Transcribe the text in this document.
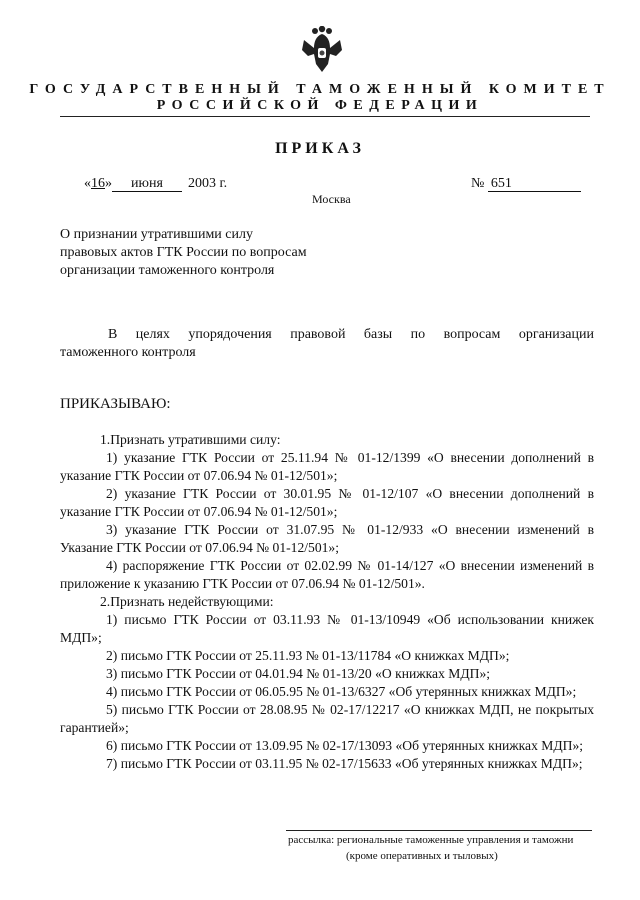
ГОСУДАРСТВЕННЫЙ ТАМОЖЕННЫЙ КОМИТЕТ
РОССИЙСКОЙ ФЕДЕРАЦИИ
ПРИКАЗ
«16» июня 2003 г.	№ 651
Москва
О признании утратившими силу правовых актов ГТК России по вопросам организации таможенного контроля
В целях упорядочения правовой базы по вопросам организации
таможенного контроля
ПРИКАЗЫВАЮ:

1.Признать утратившими силу:

1) указание ГТК России от 25.11.94 № 01-12/1399 «О внесении дополнений в указание ГТК России от 07.06.94 № 01-12/501»;

2) указание ГТК России от 30.01.95 № 01-12/107 «О внесении дополнений в указание ГТК России от 07.06.94 № 01-12/501»;

3) указание ГТК России от 31.07.95 № 01-12/933 «О внесении изменений в Указание ГТК России от 07.06.94 № 01-12/501»;

4) распоряжение ГТК России от 02.02.99 № 01-14/127 «О внесении изменений в приложение к указанию ГТК России от 07.06.94 № 01-12/501».

2.Признать недействующими:

1) письмо ГТК России от 03.11.93 № 01-13/10949 «Об использовании книжек МДП»;

2) письмо ГТК России от 25.11.93 № 01-13/11784 «О книжках МДП»;

3) письмо ГТК России от 04.01.94 № 01-13/20 «О книжках МДП»;

4) письмо ГТК России от 06.05.95 № 01-13/6327 «Об утерянных книжках МДП»;

5) письмо ГТК России от 28.08.95 № 02-17/12217 «О книжках МДП, не покрытых гарантией»;

6) письмо ГТК России от 13.09.95 № 02-17/13093 «Об утерянных книжках МДП»;

7) письмо ГТК России от 03.11.95 № 02-17/15633 «Об утерянных книжках МДП»;

рассылка: региональные таможенные управления и таможни
(кроме оперативных и тыловых)
